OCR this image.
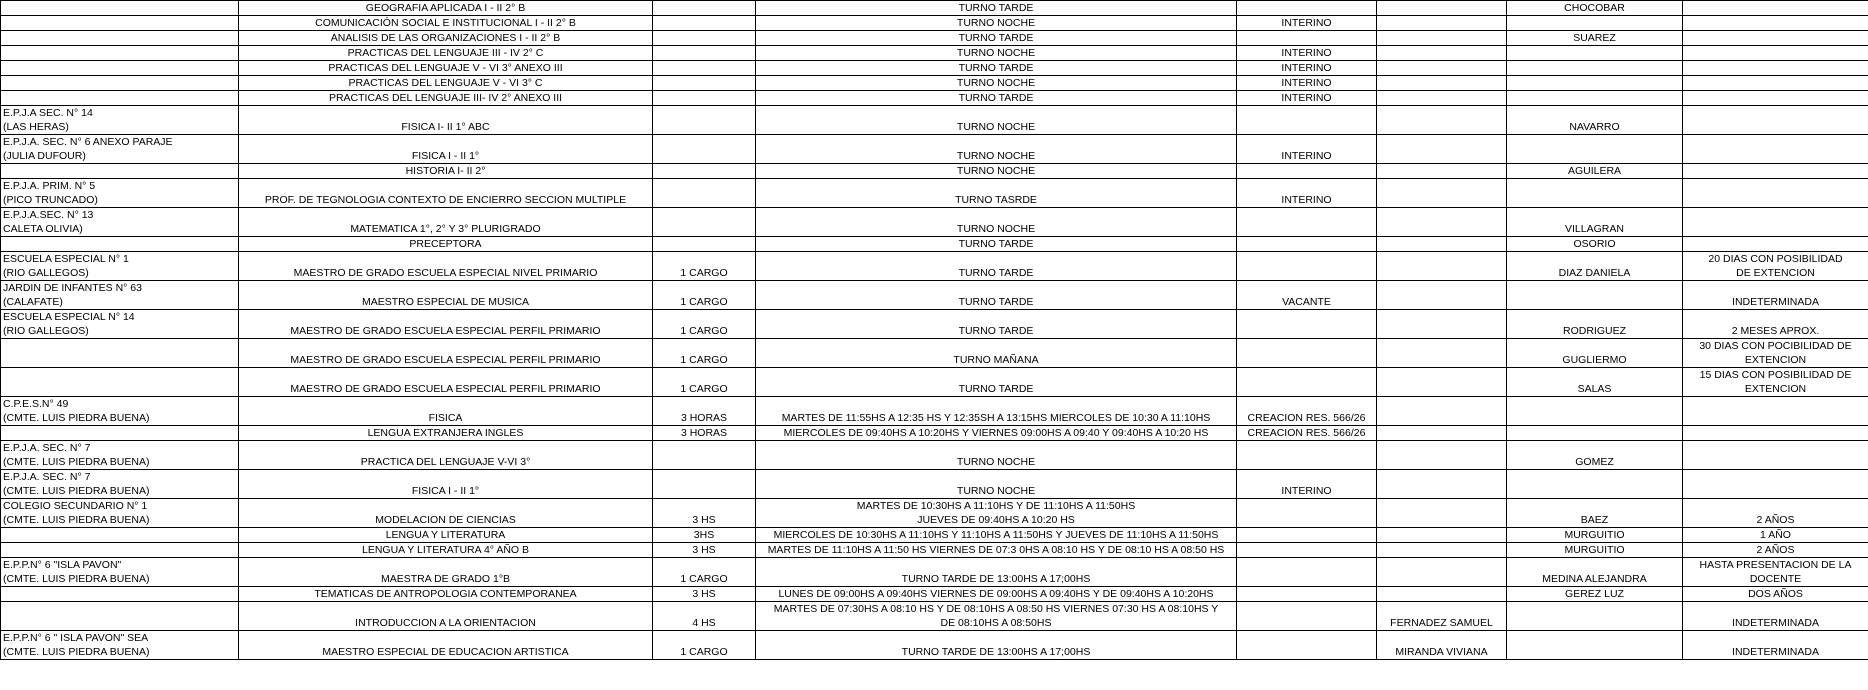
	GEOGRAFIA APLICADA I - II 2° B		TURNO TARDE			CHOCOBAR	
	COMUNICACIÓN SOCIAL E INSTITUCIONAL I - II 2° B		TURNO NOCHE	INTERINO			
	ANALISIS DE LAS ORGANIZACIONES I - II 2° B		TURNO TARDE			SUAREZ	
	PRACTICAS DEL LENGUAJE III - IV 2° C		TURNO NOCHE	INTERINO			
	PRACTICAS DEL LENGUAJE V - VI 3° ANEXO III		TURNO TARDE	INTERINO			
	PRACTICAS DEL LENGUAJE V - VI 3° C		TURNO NOCHE	INTERINO			
	PRACTICAS DEL LENGUAJE III- IV 2° ANEXO III		TURNO TARDE	INTERINO			

E.P.J.A SEC. N° 14
(LAS HERAS)	FISICA I- II 1° ABC		TURNO NOCHE			NAVARRO	

E.P.J.A. SEC. N° 6 ANEXO PARAJE
(JULIA DUFOUR)	FISICA I - II 1°		TURNO NOCHE	INTERINO			
	HISTORIA I- II 2°		TURNO NOCHE			AGUILERA	

E.P.J.A. PRIM. N° 5
(PICO TRUNCADO)	PROF. DE TEGNOLOGIA CONTEXTO DE ENCIERRO SECCION MULTIPLE		TURNO TASRDE	INTERINO			

E.P.J.A.SEC. N° 13
CALETA OLIVIA)	MATEMATICA 1°, 2° Y 3° PLURIGRADO		TURNO NOCHE			VILLAGRAN	
	PRECEPTORA		TURNO TARDE			OSORIO	

ESCUELA ESPECIAL N° 1
(RIO GALLEGOS)	MAESTRO DE GRADO ESCUELA ESPECIAL NIVEL PRIMARIO	1 CARGO	TURNO TARDE			DIAZ DANIELA	20 DIAS CON POSIBILIDAD
DE EXTENCION

JARDIN DE INFANTES N° 63
(CALAFATE)	MAESTRO ESPECIAL DE MUSICA	1 CARGO	TURNO TARDE	VACANTE			INDETERMINADA

ESCUELA ESPECIAL N° 14
(RIO GALLEGOS)	MAESTRO DE GRADO ESCUELA ESPECIAL PERFIL PRIMARIO	1 CARGO	TURNO TARDE			RODRIGUEZ	2 MESES APROX.

	MAESTRO DE GRADO ESCUELA ESPECIAL PERFIL PRIMARIO	1 CARGO	TURNO MAÑANA			GUGLIERMO	30 DIAS CON POCIBILIDAD DE
EXTENCION

	MAESTRO DE GRADO ESCUELA ESPECIAL PERFIL PRIMARIO	1 CARGO	TURNO TARDE			SALAS	15 DIAS CON POSIBILIDAD DE
EXTENCION

C.P.E.S.N° 49
(CMTE. LUIS PIEDRA BUENA)	FISICA	3 HORAS	MARTES DE 11:55HS A 12:35 HS Y 12:35SH A 13:15HS MIERCOLES DE 10:30 A 11:10HS	CREACION RES. 566/26			
	LENGUA EXTRANJERA INGLES	3 HORAS	MIERCOLES DE 09:40HS A 10:20HS Y VIERNES 09:00HS A 09:40 Y 09:40HS A 10:20 HS	CREACION RES. 566/26			

E.P.J.A. SEC. N° 7
(CMTE. LUIS PIEDRA BUENA)	PRACTICA DEL LENGUAJE V-VI 3°		TURNO NOCHE			GOMEZ	

E.P.J.A. SEC. N° 7
(CMTE. LUIS PIEDRA BUENA)	FISICA I - II 1°		TURNO NOCHE	INTERINO			

COLEGIO SECUNDARIO N° 1
(CMTE. LUIS PIEDRA BUENA)	MODELACION DE CIENCIAS	3 HS	MARTES DE 10:30HS A 11:10HS Y DE 11:10HS A 11:50HS
JUEVES DE 09:40HS A 10:20 HS			BAEZ	2 AÑOS

	LENGUA Y LITERATURA	3HS	MIERCOLES DE 10:30HS A 11:10HS Y 11:10HS A 11:50HS Y JUEVES DE 11:10HS A 11:50HS			MURGUITIO	1 AÑO

	LENGUA Y LITERATURA 4° AÑO B	3 HS	MARTES DE 11:10HS A 11:50 HS VIERNES DE 07:3 0HS A 08:10 HS Y DE 08:10 HS A 08:50 HS			MURGUITIO	2 AÑOS

E.P.P.N° 6 "ISLA PAVON"
(CMTE. LUIS PIEDRA BUENA)	MAESTRA DE GRADO 1°B	1 CARGO	TURNO TARDE DE 13:00HS A 17;00HS			MEDINA ALEJANDRA	HASTA PRESENTACION DE LA DOCENTE

	TEMATICAS DE ANTROPOLOGIA CONTEMPORANEA	3 HS	LUNES DE 09:00HS A 09:40HS VIERNES DE 09:00HS A 09:40HS Y DE 09:40HS A 10:20HS			GEREZ LUZ	DOS AÑOS

	INTRODUCCION A LA ORIENTACION	4 HS	MARTES DE 07:30HS A 08:10 HS Y DE 08:10HS A 08:50 HS VIERNES 07:30 HS A 08:10HS Y
DE 08:10HS A 08:50HS		FERNADEZ SAMUEL		INDETERMINADA

E.P.P.N° 6 " ISLA PAVON" SEA
(CMTE. LUIS PIEDRA BUENA)	MAESTRO ESPECIAL DE EDUCACION ARTISTICA	1 CARGO	TURNO TARDE DE 13:00HS A 17;00HS		MIRANDA VIVIANA		INDETERMINADA
